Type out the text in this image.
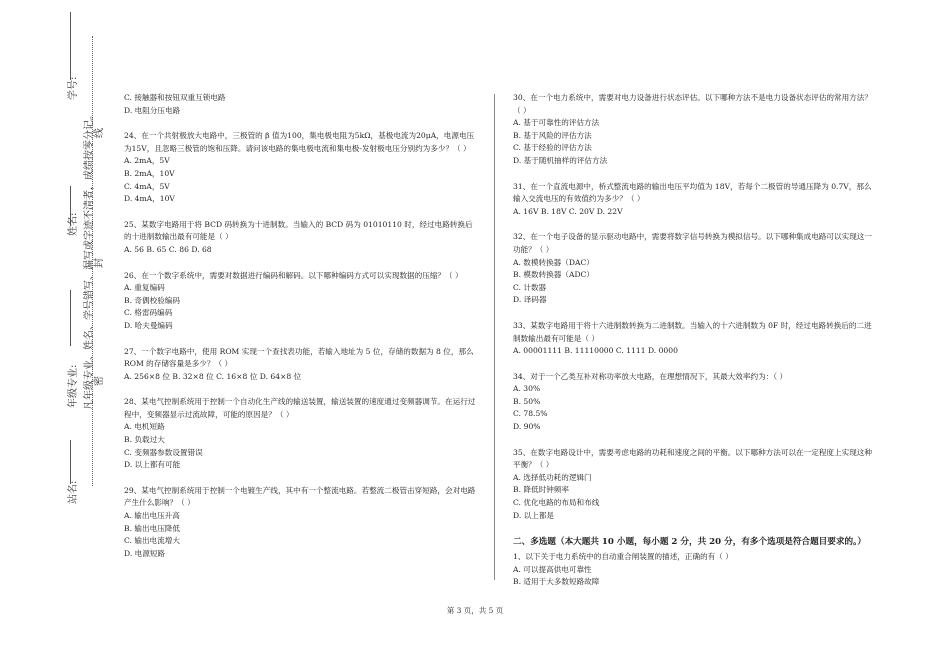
学号:
姓名:
年级专业:
站名:
凡年级专业、姓名、学号错写、漏写或字迹不清者，成绩按零分记。 密
封
线

C. 接触器和按钮双重互锁电路

D. 电阻分压电路

24、在一个共射极放大电路中，三极管的 β 值为100，集电极电阻为5kΩ，基极电流为20μA，电源电压为15V，且忽略三极管的饱和压降。请问该电路的集电极电流和集电极-发射极电压分别约为多少？（ ）

A. 2mA，5V

B. 2mA，10V

C. 4mA，5V

D. 4mA，10V

25、某数字电路用于将 BCD 码转换为十进制数。当输入的 BCD 码为 01010110 时，经过电路转换后的十进制数输出最有可能是（ ）

A. 56 B. 65 C. 86 D. 68

26、在一个数字系统中，需要对数据进行编码和解码。以下哪种编码方式可以实现数据的压缩？（ ）

A. 重复编码

B. 奇偶校验编码

C. 格雷码编码

D. 哈夫曼编码

27、一个数字电路中，使用 ROM 实现一个查找表功能，若输入地址为 5 位，存储的数据为 8 位，那么 ROM 的存储容量是多少？（ ）

A. 256×8 位 B. 32×8 位 C. 16×8 位 D. 64×8 位

28、某电气控制系统用于控制一个自动化生产线的输送装置，输送装置的速度通过变频器调节。在运行过程中，变频器显示过流故障，可能的原因是？（ ）

A. 电机短路

B. 负载过大

C. 变频器参数设置错误

D. 以上都有可能

29、某电气控制系统用于控制一个电镀生产线，其中有一个整流电路。若整流二极管击穿短路，会对电路产生什么影响？（ ）

A. 输出电压升高

B. 输出电压降低

C. 输出电流增大

D. 电源短路

30、在一个电力系统中，需要对电力设备进行状态评估。以下哪种方法不是电力设备状态评估的常用方法？（ ）

A. 基于可靠性的评估方法

B. 基于风险的评估方法

C. 基于经验的评估方法

D. 基于随机抽样的评估方法

31、在一个直流电源中，桥式整流电路的输出电压平均值为 18V，若每个二极管的导通压降为 0.7V，那么输入交流电压的有效值约为多少？（ ）

A. 16V B. 18V C. 20V D. 22V

32、在一个电子设备的显示驱动电路中，需要将数字信号转换为模拟信号。以下哪种集成电路可以实现这一功能？（ ）

A. 数模转换器（DAC）

B. 模数转换器（ADC）

C. 计数器

D. 译码器

33、某数字电路用于将十六进制数转换为二进制数。当输入的十六进制数为 0F 时，经过电路转换后的二进制数输出最有可能是（ ）

A. 00001111 B. 11110000 C. 1111 D. 0000

34、对于一个乙类互补对称功率放大电路，在理想情况下，其最大效率约为：（ ）

A. 30%

B. 50%

C. 78.5%

D. 90%

35、在数字电路设计中，需要考虑电路的功耗和速度之间的平衡。以下哪种方法可以在一定程度上实现这种平衡？（ ）

A. 选择低功耗的逻辑门

B. 降低时钟频率

C. 优化电路的布局和布线

D. 以上都是

二、多选题（本大题共 10 小题，每小题 2 分，共 20 分，有多个选项是符合题目要求的。）

1、以下关于电力系统中的自动重合闸装置的描述，正确的有（ ）

A. 可以提高供电可靠性

B. 适用于大多数短路故障

第 3 页，共 5 页
